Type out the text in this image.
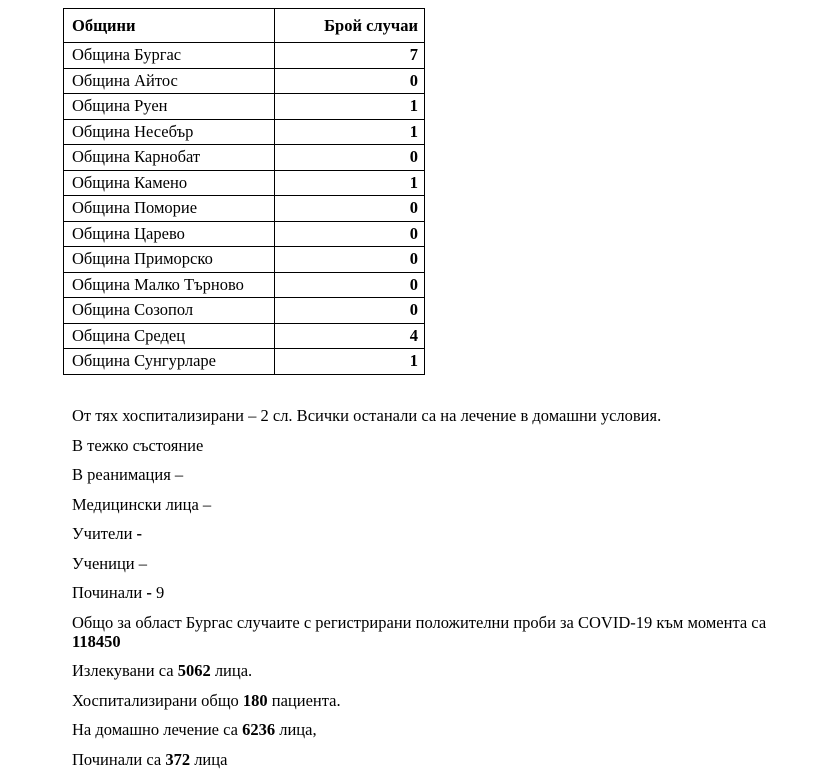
Общини	Брой случаи
Община Бургас	7
Община Айтос	0
Община Руен	1
Община Несебър	1
Община Карнобат	0
Община Камено	1
Община Поморие	0
Община Царево	0
Община Приморско	0
Община Малко Търново	0
Община Созопол	0
Община Средец	4
Община Сунгурларе	1

От тях хоспитализирани – 2 сл. Всички останали са на лечение в домашни условия.

В тежко състояние

В реанимация –

Медицински лица –

Учители -

Ученици –

Починали - 9

Общо за област Бургас случаите с регистрирани положителни проби за COVID-19 към момента са 118450

Излекувани са 5062 лица.

Хоспитализирани общо 180 пациента.

На домашно лечение са 6236 лица,

Починали са 372 лица
